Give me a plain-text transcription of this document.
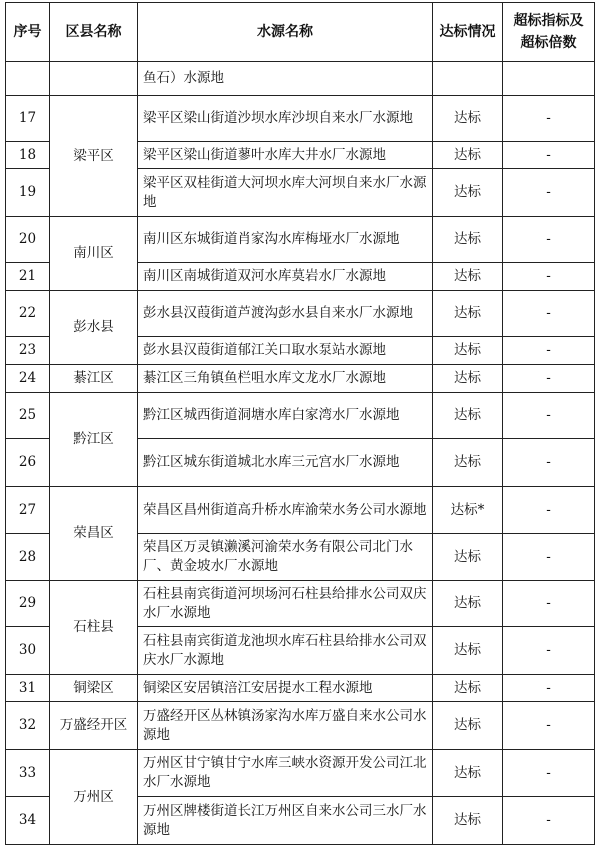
序号	区县名称	水源名称	达标情况	超标指标及超标倍数
		鱼石）水源地		
17	梁平区	梁平区梁山街道沙坝水库沙坝自来水厂水源地	达标	-
18		梁平区梁山街道蓼叶水库大井水厂水源地	达标	-
19		梁平区双桂街道大河坝水库大河坝自来水厂水源地	达标	-
20	南川区	南川区东城街道肖家沟水库梅垭水厂水源地	达标	-
21		南川区南城街道双河水库莫岩水厂水源地	达标	-
22	彭水县	彭水县汉葭街道芦渡沟彭水县自来水厂水源地	达标	-
23		彭水县汉葭街道郁江关口取水泵站水源地	达标	-
24	綦江区	綦江区三角镇鱼栏咀水库文龙水厂水源地	达标	-
25	黔江区	黔江区城西街道洞塘水库白家湾水厂水源地	达标	-
26		黔江区城东街道城北水库三元宫水厂水源地	达标	-
27	荣昌区	荣昌区昌州街道高升桥水库渝荣水务公司水源地	达标*	-
28		荣昌区万灵镇濑溪河渝荣水务有限公司北门水厂、黄金坡水厂水源地	达标	-
29	石柱县	石柱县南宾街道河坝场河石柱县给排水公司双庆水厂水源地	达标	-
30		石柱县南宾街道龙池坝水库石柱县给排水公司双庆水厂水源地	达标	-
31	铜梁区	铜梁区安居镇涪江安居提水工程水源地	达标	-
32	万盛经开区	万盛经开区丛林镇汤家沟水库万盛自来水公司水源地	达标	-
33	万州区	万州区甘宁镇甘宁水库三峡水资源开发公司江北水厂水源地	达标	-
34		万州区牌楼街道长江万州区自来水公司三水厂水源地	达标	-
